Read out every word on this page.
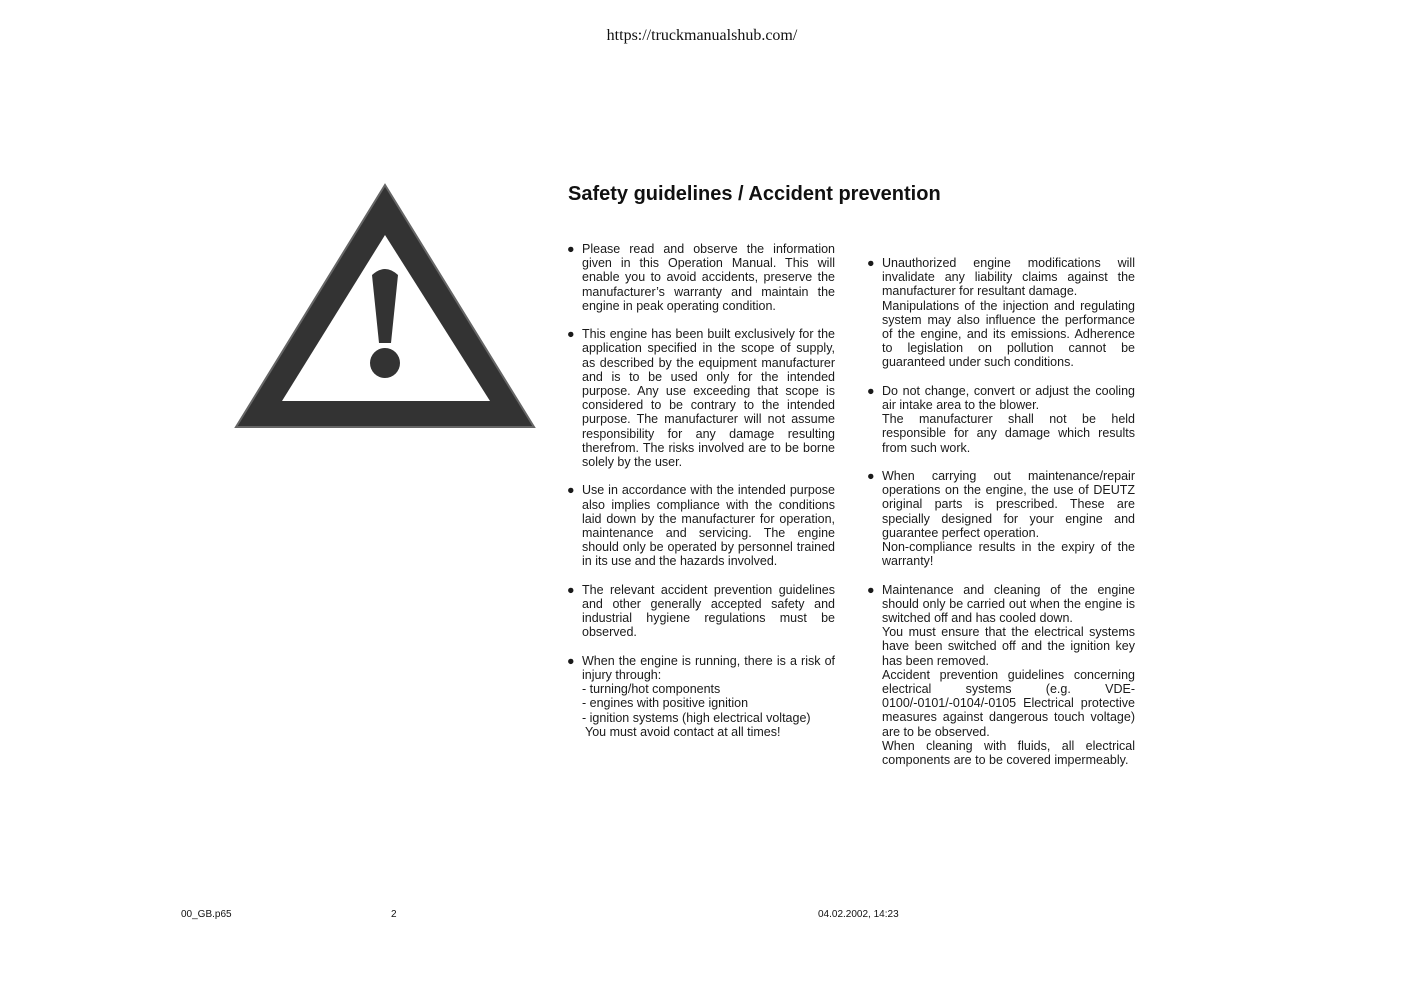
https://truckmanualshub.com/
Safety guidelines / Accident prevention
● Please read and observe the information given in this Operation Manual. This will enable you to avoid accidents, preserve the manufacturer’s warranty and maintain the engine in peak operating condition.

● This engine has been built exclusively for the application specified in the scope of supply, as described by the equipment manufacturer and is to be used only for the intended purpose. Any use exceeding that scope is considered to be contrary to the intended purpose. The manufacturer will not assume responsibility for any damage resulting therefrom. The risks involved are to be borne solely by the user.

● Use in accordance with the intended purpose also implies compliance with the conditions laid down by the manufacturer for operation, maintenance and servicing. The engine should only be operated by personnel trained in its use and the hazards involved.

● The relevant accident prevention guidelines and other generally accepted safety and industrial hygiene regulations must be observed.

● When the engine is running, there is a risk of injury through:

- turning/hot components
- engines with positive ignition
- ignition systems (high electrical voltage)
You must avoid contact at all times!

● Unauthorized engine modifications will invalidate any liability claims against the manufacturer for resultant damage.

Manipulations of the injection and regulating system may also influence the performance of the engine, and its emissions. Adherence to legislation on pollution cannot be guaranteed under such conditions.

● Do not change, convert or adjust the cooling air intake area to the blower.

The manufacturer shall not be held responsible for any damage which results from such work.

● When carrying out maintenance/repair operations on the engine, the use of DEUTZ original parts is prescribed. These are specially designed for your engine and guarantee perfect operation.

Non-compliance results in the expiry of the warranty!

● Maintenance and cleaning of the engine should only be carried out when the engine is switched off and has cooled down.

You must ensure that the electrical systems have been switched off and the ignition key has been removed.

Accident prevention guidelines concerning electrical systems (e.g. VDE-0100/-0101/-0104/-0105 Electrical protective measures against dangerous touch voltage) are to be observed.

When cleaning with fluids, all electrical components are to be covered impermeably.

00_GB.p65	2	04.02.2002, 14:23
